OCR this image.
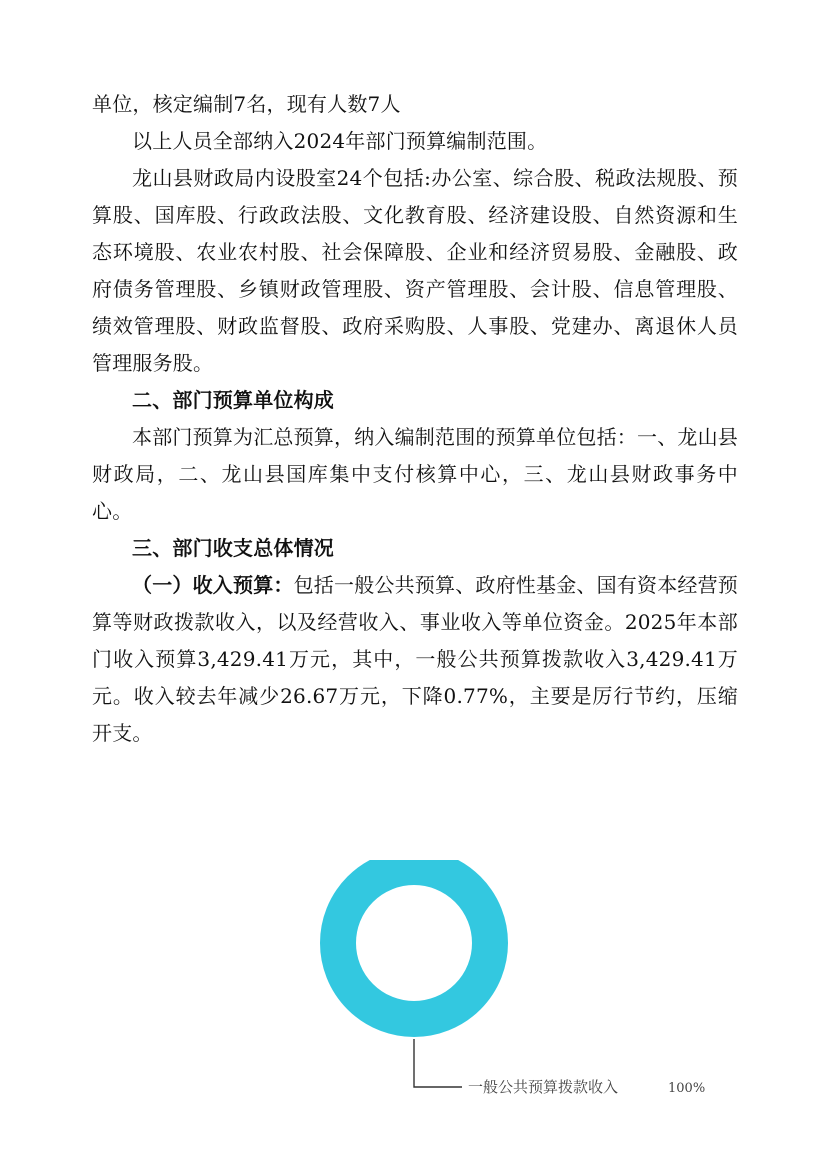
单位，核定编制7名，现有人数7人

以上人员全部纳入2024年部门预算编制范围。

龙山县财政局内设股室24个包括:办公室、综合股、税政法规股、预算股、国库股、行政政法股、文化教育股、经济建设股、自然资源和生态环境股、农业农村股、社会保障股、企业和经济贸易股、金融股、政府债务管理股、乡镇财政管理股、资产管理股、会计股、信息管理股、绩效管理股、财政监督股、政府采购股、人事股、党建办、离退休人员管理服务股。

二、部门预算单位构成

本部门预算为汇总预算，纳入编制范围的预算单位包括：一、龙山县财政局，二、龙山县国库集中支付核算中心，三、龙山县财政事务中心。

三、部门收支总体情况

（一）收入预算：包括一般公共预算、政府性基金、国有资本经营预算等财政拨款收入，以及经营收入、事业收入等单位资金。2025年本部门收入预算3,429.41万元，其中，一般公共预算拨款收入3,429.41万元。收入较去年减少26.67万元，下降0.77%，主要是厉行节约，压缩开支。

一般公共预算拨款收入	100%
